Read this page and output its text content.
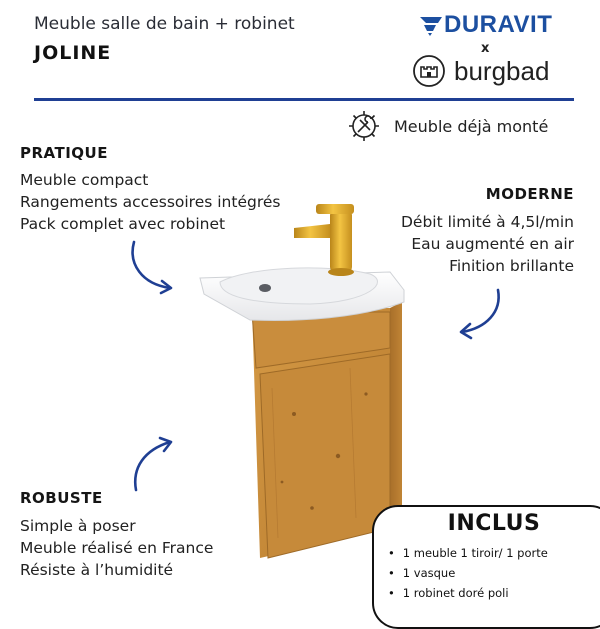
Meuble salle de bain + robinet
JOLINE
DURAVIT
x
burgbad
Meuble déjà monté
PRATIQUE
Meuble compact
Rangements accessoires intégrés
Pack complet avec robinet
MODERNE
Débit limité à 4,5l/min
Eau augmenté en air
Finition brillante
ROBUSTE
Simple à poser
Meuble réalisé en France
Résiste à l’humidité
INCLUS
• 1 meuble 1 tiroir/ 1 porte
• 1 vasque
• 1 robinet doré poli
